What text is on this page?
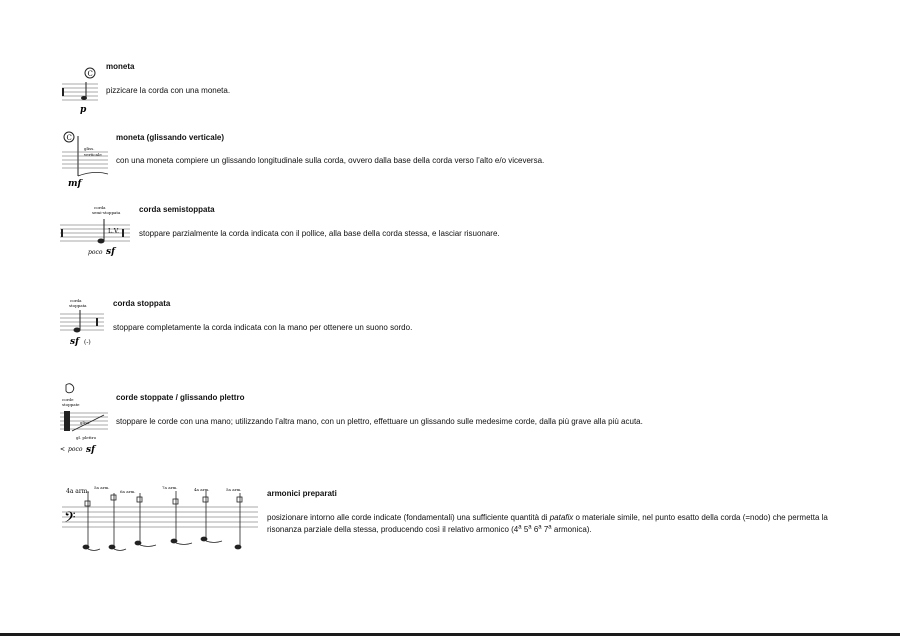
C
p
moneta
pizzicare la corda con una moneta.
C
gliss.
verticale
mf
moneta (glissando verticale)
con una moneta compiere un glissando longitudinale sulla corda, ovvero dalla base della corda verso l’alto e/o viceversa.
corda
semi-stoppata
L.V.
poco sf
corda semistoppata
stoppare parzialmente la corda indicata con il pollice, alla base della corda stessa, e lasciar risuonare.
corda
stoppata
sf (-)
corda stoppata
stoppare completamente la corda indicata con la mano per ottenere un suono sordo.
corde
stoppate
gliss.
gl. plettro
< poco sf
corde stoppate / glissando plettro
stoppare le corde con una mano; utilizzando l’altra mano, con un plettro, effettuare un glissando sulle medesime corde, dalla più grave alla più acuta.
𝄢
4a arm.
5a arm.
6a arm.
7a arm.	4a arm.	5a arm.	armonici preparati
posizionare intorno alle corde indicate (fondamentali) una sufficiente quantità di patafix o materiale simile, nel punto esatto della corda (=nodo) che permetta la risonanza parziale della stessa, producendo così il relativo armonico (4$^a$ 5$^a$ 6$^a$ 7$^a$ armonica).
